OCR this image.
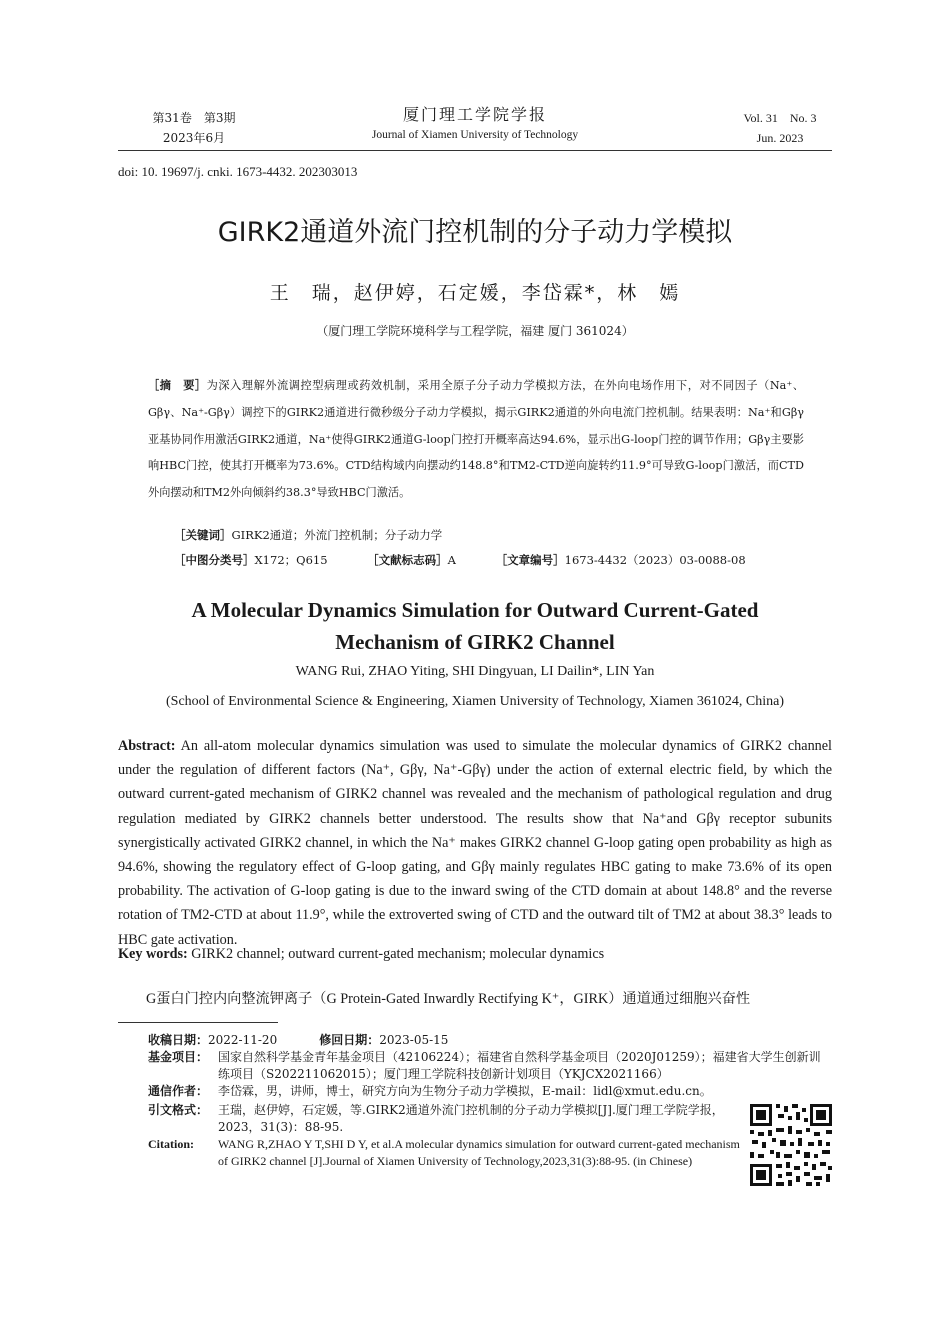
第31卷　第3期
2023年6月
厦门理工学院学报
Journal of Xiamen University of Technology
Vol. 31　No. 3
Jun. 2023
doi: 10. 19697/j. cnki. 1673-4432. 202303013
GIRK2通道外流门控机制的分子动力学模拟
王　瑞，赵伊婷，石定媛，李岱霖*，林　嫣
（厦门理工学院环境科学与工程学院，福建 厦门 361024）
［摘　要］为深入理解外流调控型病理或药效机制，采用全原子分子动力学模拟方法，在外向电场作用下，对不同因子（Na⁺、Gβγ、Na⁺-Gβγ）调控下的GIRK2通道进行微秒级分子动力学模拟，揭示GIRK2通道的外向电流门控机制。结果表明：Na⁺和Gβγ亚基协同作用激活GIRK2通道，Na⁺使得GIRK2通道G-loop门控打开概率高达94.6%，显示出G-loop门控的调节作用；Gβγ主要影响HBC门控，使其打开概率为73.6%。CTD结构域内向摆动约148.8°和TM2-CTD逆向旋转约11.9°可导致G-loop门激活，而CTD外向摆动和TM2外向倾斜约38.3°导致HBC门激活。
［关键词］GIRK2通道；外流门控机制；分子动力学
［中图分类号］X172；Q615	［文献标志码］A	［文章编号］1673-4432（2023）03-0088-08
A Molecular Dynamics Simulation for Outward Current-Gated
Mechanism of GIRK2 Channel
WANG Rui, ZHAO Yiting, SHI Dingyuan, LI Dailin*, LIN Yan
(School of Environmental Science & Engineering, Xiamen University of Technology, Xiamen 361024, China)
Abstract: An all-atom molecular dynamics simulation was used to simulate the molecular dynamics of GIRK2 channel under the regulation of different factors (Na⁺, Gβγ, Na⁺-Gβγ) under the action of external electric field, by which the outward current-gated mechanism of GIRK2 channel was revealed and the mechanism of pathological regulation and drug regulation mediated by GIRK2 channels better understood. The results show that Na⁺and Gβγ receptor subunits synergistically activated GIRK2 channel, in which the Na⁺ makes GIRK2 channel G-loop gating open probability as high as 94.6%, showing the regulatory effect of G-loop gating, and Gβγ mainly regulates HBC gating to make 73.6% of its open probability. The activation of G-loop gating is due to the inward swing of the CTD domain at about 148.8° and the reverse rotation of TM2-CTD at about 11.9°, while the extroverted swing of CTD and the outward tilt of TM2 at about 38.3° leads to HBC gate activation.
Key words: GIRK2 channel; outward current-gated mechanism; molecular dynamics
G蛋白门控内向整流钾离子（G Protein-Gated Inwardly Rectifying K⁺，GIRK）通道通过细胞兴奋性
收稿日期：2022-11-20	修回日期：2023-05-15
基金项目： 国家自然科学基金青年基金项目（42106224）；福建省自然科学基金项目（2020J01259）；福建省大学生创新训练项目（S202211062015）；厦门理工学院科技创新计划项目（YKJCX2021166）
通信作者： 李岱霖，男，讲师，博士，研究方向为生物分子动力学模拟，E-mail：lidl@xmut.edu.cn。
引文格式： 王瑞，赵伊婷，石定媛，等.GIRK2通道外流门控机制的分子动力学模拟[J].厦门理工学院学报，2023，31(3)：88-95.
Citation: WANG R,ZHAO Y T,SHI D Y, et al.A molecular dynamics simulation for outward current-gated mechanism of GIRK2 channel [J].Journal of Xiamen University of Technology,2023,31(3):88-95. (in Chinese)
